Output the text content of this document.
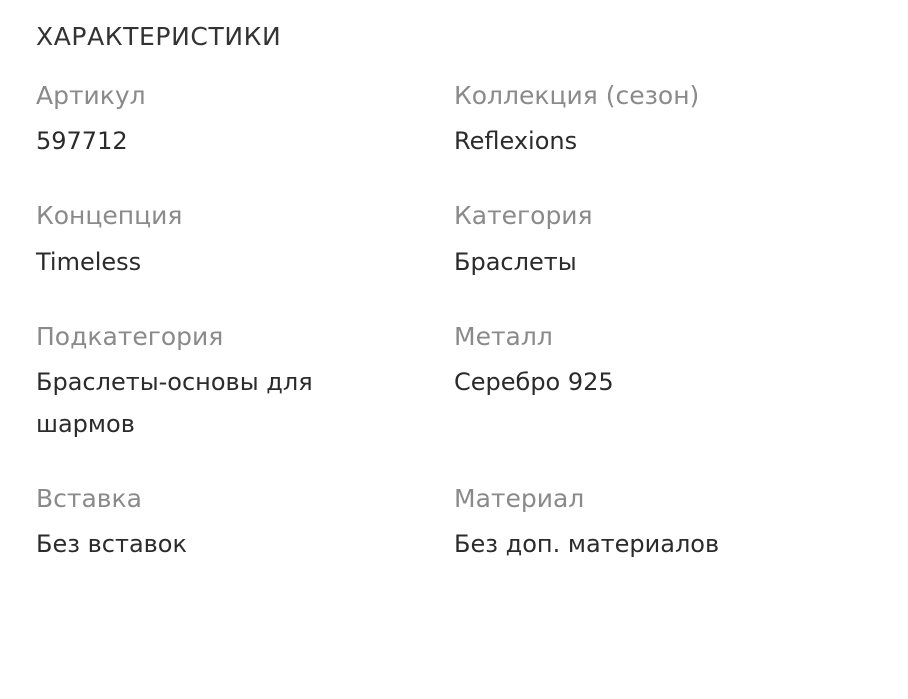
ХАРАКТЕРИСТИКИ
Артикул
597712
Коллекция (сезон)
Reflexions
Концепция
Timeless
Категория
Браслеты
Подкатегория
Браслеты-основы для шармов
Металл
Серебро 925
Вставка
Без вставок
Материал
Без доп. материалов
